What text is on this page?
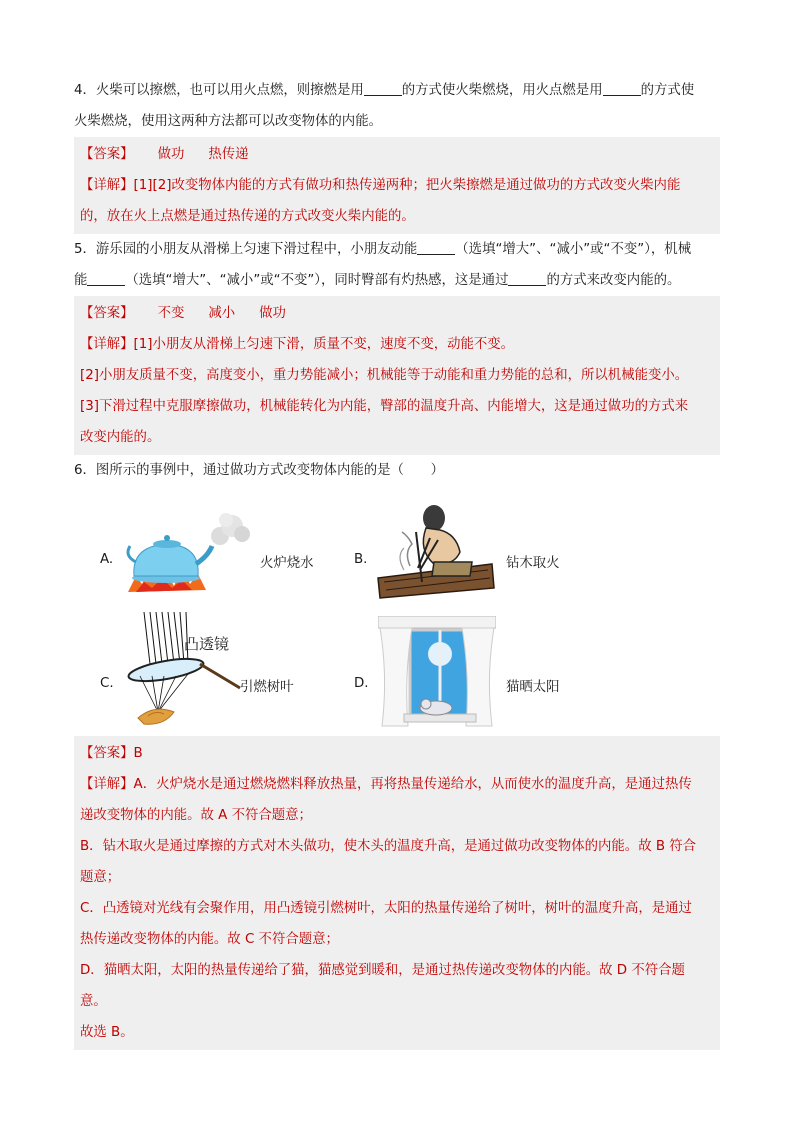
4．火柴可以擦燃，也可以用火点燃，则擦燃是用	的方式使火柴燃烧，用火点燃是用	的方式使
火柴燃烧，使用这两种方法都可以改变物体的内能。
【答案】 做功 热传递
【详解】[1][2]改变物体内能的方式有做功和热传递两种；把火柴擦燃是通过做功的方式改变火柴内能
的，放在火上点燃是通过热传递的方式改变火柴内能的。
5．游乐园的小朋友从滑梯上匀速下滑过程中，小朋友动能	（选填“增大”、“减小”或“不变”），机械
能	（选填“增大”、“减小”或“不变”），同时臀部有灼热感，这是通过	的方式来改变内能的。
【答案】 不变 减小 做功
【详解】[1]小朋友从滑梯上匀速下滑，质量不变，速度不变，动能不变。
[2]小朋友质量不变，高度变小，重力势能减小；机械能等于动能和重力势能的总和，所以机械能变小。
[3]下滑过程中克服摩擦做功，机械能转化为内能，臀部的温度升高、内能增大，这是通过做功的方式来
改变内能的。
6．图所示的事例中，通过做功方式改变物体内能的是（　　）
A.	火炉烧水	B.	钻木取火
C.
凸透镜
引燃树叶	D.	猫晒太阳
【答案】B
【详解】A．火炉烧水是通过燃烧燃料释放热量，再将热量传递给水，从而使水的温度升高，是通过热传
递改变物体的内能。故 A 不符合题意；
B．钻木取火是通过摩擦的方式对木头做功，使木头的温度升高，是通过做功改变物体的内能。故 B 符合
题意；
C．凸透镜对光线有会聚作用，用凸透镜引燃树叶，太阳的热量传递给了树叶，树叶的温度升高，是通过
热传递改变物体的内能。故 C 不符合题意；
D．猫晒太阳，太阳的热量传递给了猫，猫感觉到暖和，是通过热传递改变物体的内能。故 D 不符合题
意。
故选 B。
